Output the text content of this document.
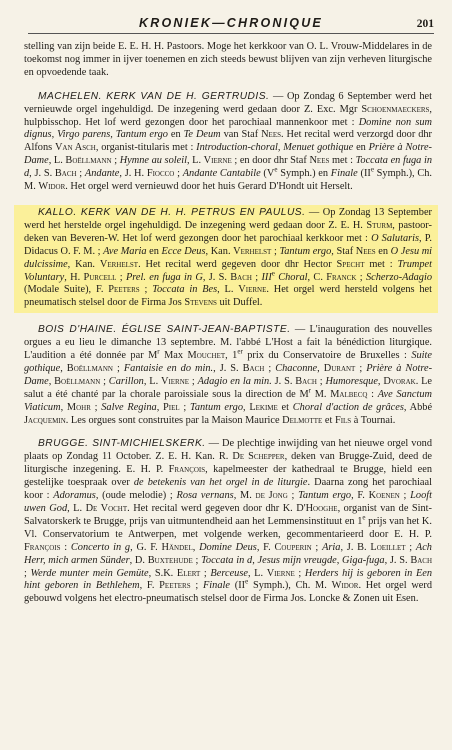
KRONIEK—CHRONIQUE	201

stelling van zijn beide E. E. H. H. Pastoors. Moge het kerkkoor van O. L. Vrouw-Middelares in de toekomst nog immer in ijver toenemen en zich steeds bewust blijven van zijn verheven liturgische en opvoedende taak.

MACHELEN. KERK VAN DE H. GERTRUDIS. — Op Zondag 6 September werd het vernieuwde orgel ingehuldigd. De inzegening werd gedaan door Z. Exc. Mgr Schoenmaeckers, hulpbisschop. Het lof werd gezongen door het parochiaal mannenkoor met : Domine non sum dignus, Virgo parens, Tantum ergo en Te Deum van Staf Nees. Het recital werd verzorgd door dhr Alfons Van Asch, organist-titularis met : Introduction-choral, Menuet gothique en Prière à Notre-Dame, L. Boëllmann ; Hymne au soleil, L. Vierne ; en door dhr Staf Nees met : Toccata en fuga in d, J. S. Bach ; Andante, J. H. Fiocco ; Andante Cantabile (Ve Symph.) en Finale (IIe Symph.), Ch. M. Widor. Het orgel werd vernieuwd door het huis Gerard D'Hondt uit Herselt.

KALLO. KERK VAN DE H. H. PETRUS EN PAULUS. — Op Zondag 13 September werd het herstelde orgel ingehuldigd. De inzegening werd gedaan door Z. E. H. Sturm, pastoor-deken van Beveren-W. Het lof werd gezongen door het parochiaal kerkkoor met : O Salutaris, P. Didacus O. F. M. ; Ave Maria en Ecce Deus, Kan. Verhelst ; Tantum ergo, Staf Nees en O Jesu mi dulcissime, Kan. Verhelst. Het recital werd gegeven door dhr Hector Specht met : Trumpet Voluntary, H. Purcell ; Prel. en fuga in G, J. S. Bach ; IIIe Choral, C. Franck ; Scherzo-Adagio (Modale Suite), F. Peeters ; Toccata in Bes, L. Vierne. Het orgel werd hersteld volgens het pneumatisch stelsel door de Firma Jos Stevens uit Duffel.

BOIS D'HAINE. ÉGLISE SAINT-JEAN-BAPTISTE. — L'inauguration des nouvelles orgues a eu lieu le dimanche 13 septembre. M. l'abbé L'Host a fait la bénédiction liturgique. L'audition a été donnée par $M^r$ Max Mouchet, 1er prix du Conservatoire de Bruxelles : Suite gothique, Boëllmann ; Fantaisie en do min., J. S. Bach ; Chaconne, Durant ; Prière à Notre-Dame, Boëllmann ; Carillon, L. Vierne ; Adagio en la min. J. S. Bach ; Humoresque, Dvorak. Le salut a été chanté par la chorale paroissiale sous la direction de $M^r$ M. Malbecq : Ave Sanctum Viaticum, Mohr ; Salve Regina, Piel ; Tantum ergo, Lekime et Choral d'action de grâces, Abbé Jacquemin. Les orgues sont construites par la Maison Maurice Delmotte et Fils à Tournai.

BRUGGE. SINT-MICHIELSKERK. — De plechtige inwijding van het nieuwe orgel vond plaats op Zondag 11 October. Z. E. H. Kan. R. De Schepper, deken van Brugge-Zuid, deed de liturgische inzegening. E. H. P. François, kapelmeester der kathedraal te Brugge, hield een gestelijke toespraak over de betekenis van het orgel in de liturgie. Daarna zong het parochiaal koor : Adoramus, (oude melodie) ; Rosa vernans, M. de Jong ; Tantum ergo, F. Koenen ; Looft uwen God, L. De Vocht. Het recital werd gegeven door dhr K. D'Hooghe, organist van de Sint-Salvatorskerk te Brugge, prijs van uitmuntendheid aan het Lemmensinstituut en 1e prijs van het K. Vl. Conservatorium te Antwerpen, met volgende werken, gecommentarieerd door E. H. P. François : Concerto in g, G. F. Händel, Domine Deus, F. Couperin ; Aria, J. B. Loeillet ; Ach Herr, mich armen Sünder, D. Buxtehude ; Toccata in d, Jesus mijn vreugde, Giga-fuga, J. S. Bach ; Werde munter mein Gemüte, S.K. Elert ; Berceuse, L. Vierne ; Herders hij is geboren in Een hint geboren in Bethlehem, F. Peeters ; Finale (IIe Symph.), Ch. M. Widor. Het orgel werd gebouwd volgens het electro-pneumatisch stelsel door de Firma Jos. Loncke & Zonen uit Esen.
